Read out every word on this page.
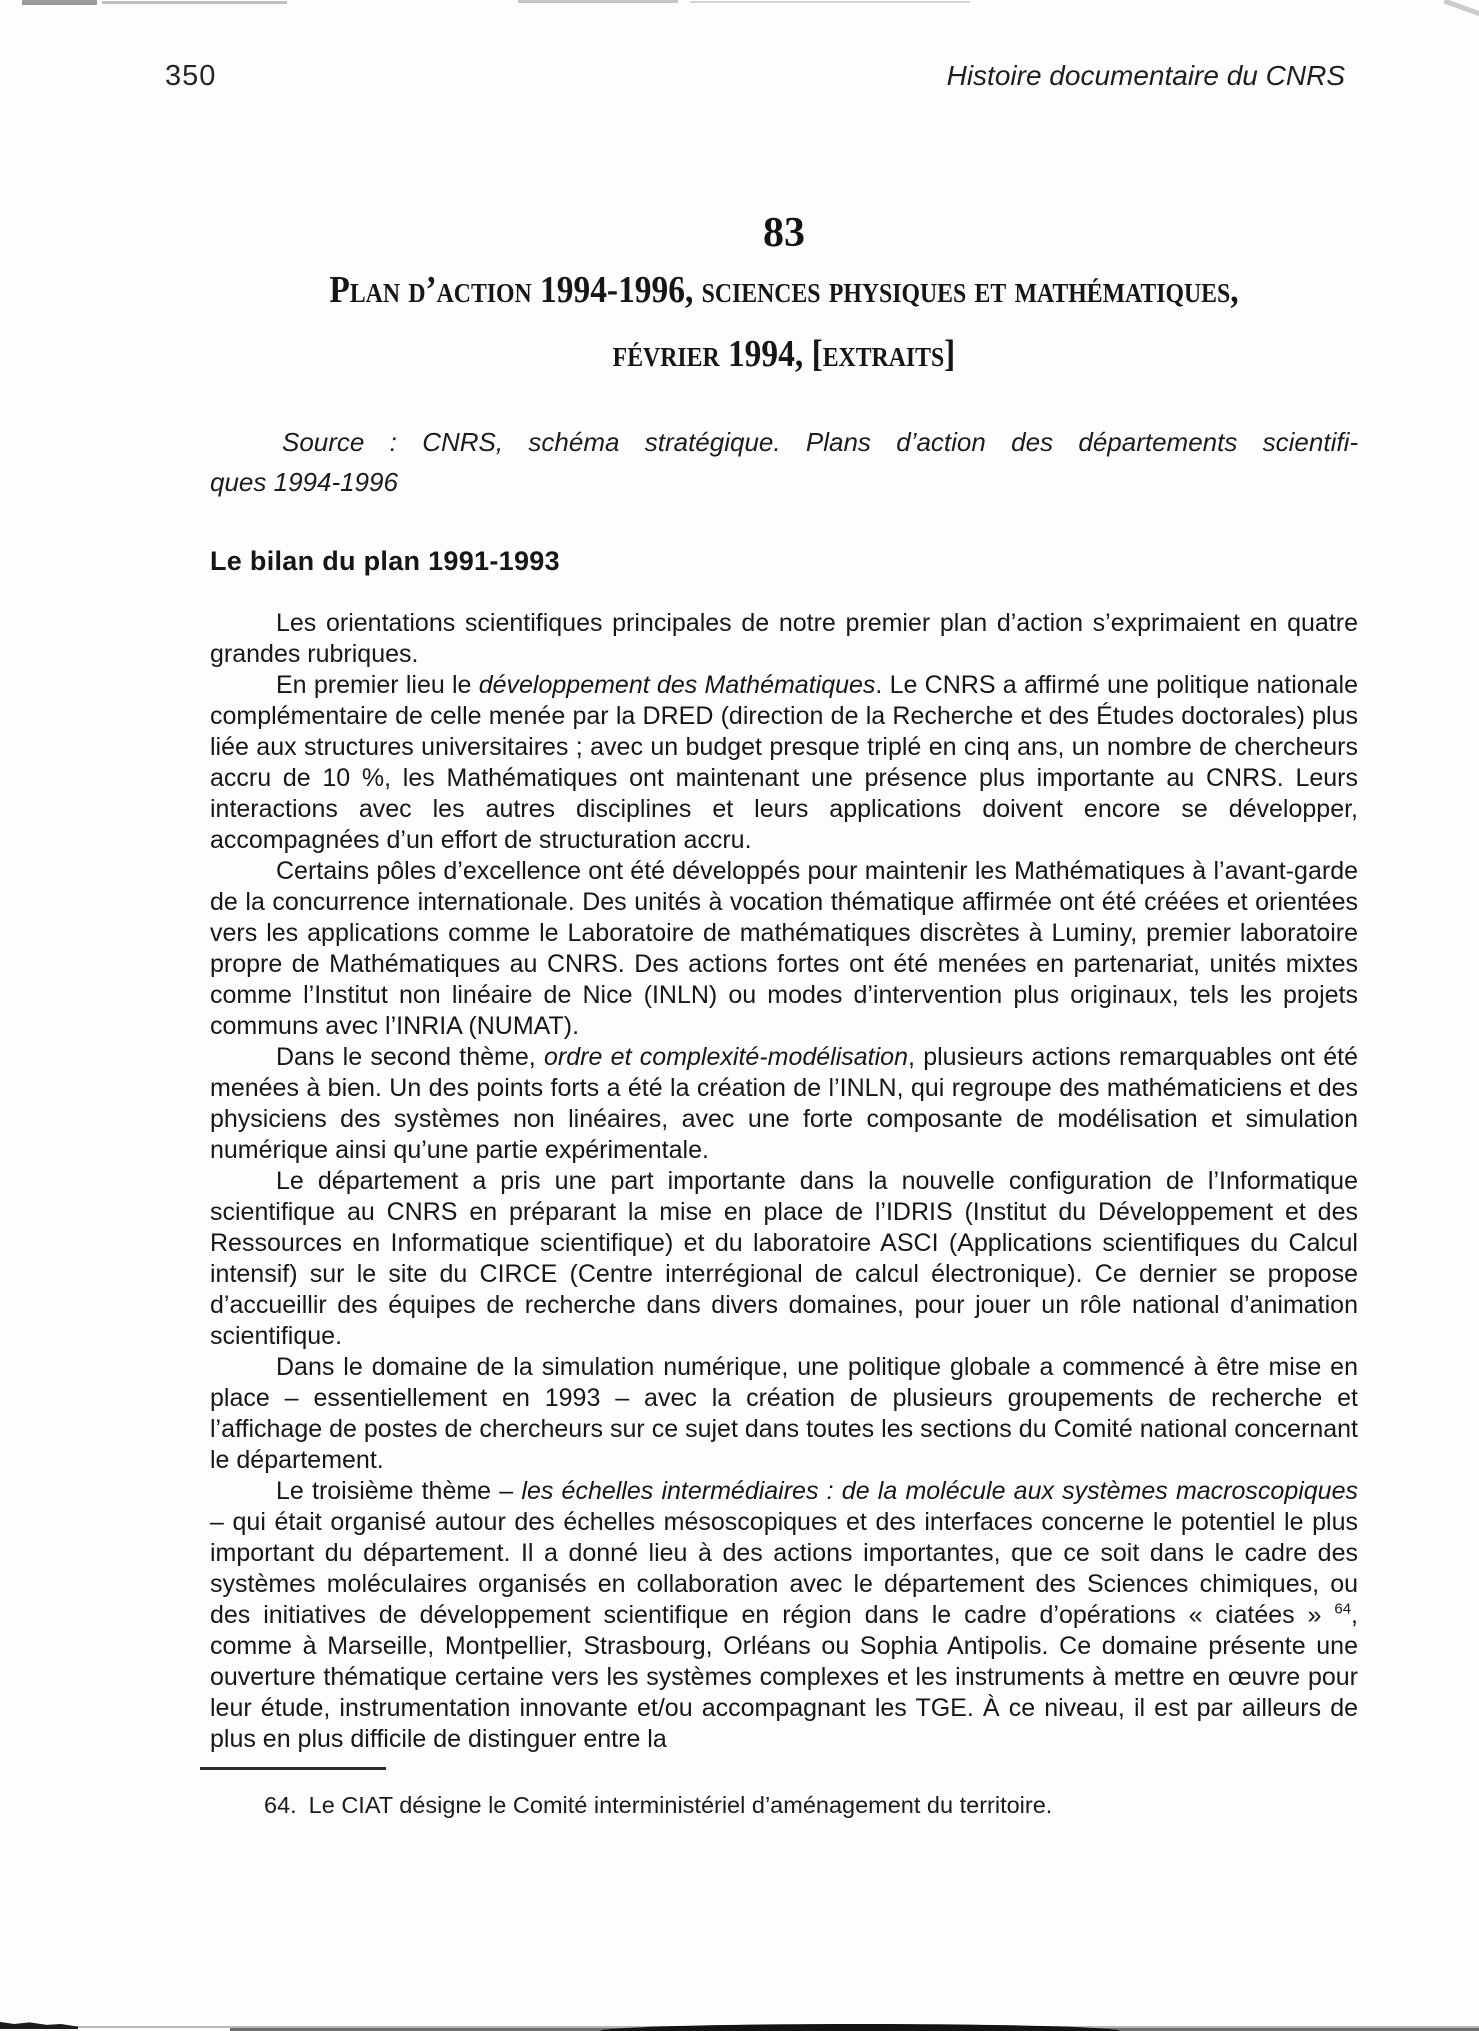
350	Histoire documentaire du CNRS
83
Plan d’action 1994-1996, sciences physiques et mathématiques,
février 1994, [extraits]
Source : CNRS, schéma stratégique. Plans d’action des départements scientifi-
ques 1994-1996
Le bilan du plan 1991-1993

Les orientations scientifiques principales de notre premier plan d’action s’exprimaient en quatre grandes rubriques.

En premier lieu le développement des Mathématiques. Le CNRS a affirmé une politique nationale complémentaire de celle menée par la DRED (direction de la Recherche et des Études doctorales) plus liée aux structures universitaires ; avec un budget presque triplé en cinq ans, un nombre de chercheurs accru de 10 %, les Mathématiques ont maintenant une présence plus importante au CNRS. Leurs interactions avec les autres disciplines et leurs applications doivent encore se développer, accompagnées d’un effort de structuration accru.

Certains pôles d’excellence ont été développés pour maintenir les Mathématiques à l’avant-garde de la concurrence internationale. Des unités à vocation thématique affirmée ont été créées et orientées vers les applications comme le Laboratoire de mathématiques discrètes à Luminy, premier laboratoire propre de Mathématiques au CNRS. Des actions fortes ont été menées en partenariat, unités mixtes comme l’Institut non linéaire de Nice (INLN) ou modes d’intervention plus originaux, tels les projets communs avec l’INRIA (NUMAT).

Dans le second thème, ordre et complexité-modélisation, plusieurs actions remarquables ont été menées à bien. Un des points forts a été la création de l’INLN, qui regroupe des mathématiciens et des physiciens des systèmes non linéaires, avec une forte composante de modélisation et simulation numérique ainsi qu’une partie expérimentale.

Le département a pris une part importante dans la nouvelle configuration de l’Informatique scientifique au CNRS en préparant la mise en place de l’IDRIS (Institut du Développement et des Ressources en Informatique scientifique) et du laboratoire ASCI (Applications scientifiques du Calcul intensif) sur le site du CIRCE (Centre interrégional de calcul électronique). Ce dernier se propose d’accueillir des équipes de recherche dans divers domaines, pour jouer un rôle national d’animation scientifique.

Dans le domaine de la simulation numérique, une politique globale a commencé à être mise en place – essentiellement en 1993 – avec la création de plusieurs groupements de recherche et l’affichage de postes de chercheurs sur ce sujet dans toutes les sections du Comité national concernant le département.

Le troisième thème – les échelles intermédiaires : de la molécule aux systèmes macroscopiques – qui était organisé autour des échelles mésoscopiques et des interfaces concerne le potentiel le plus important du département. Il a donné lieu à des actions importantes, que ce soit dans le cadre des systèmes moléculaires organisés en collaboration avec le département des Sciences chimiques, ou des initiatives de développement scientifique en région dans le cadre d’opérations « ciatées » $^{64}$, comme à Marseille, Montpellier, Strasbourg, Orléans ou Sophia Antipolis. Ce domaine présente une ouverture thématique certaine vers les systèmes complexes et les instruments à mettre en œuvre pour leur étude, instrumentation innovante et/ou accompagnant les TGE. À ce niveau, il est par ailleurs de plus en plus difficile de distinguer entre la

64. Le CIAT désigne le Comité interministériel d’aménagement du territoire.
